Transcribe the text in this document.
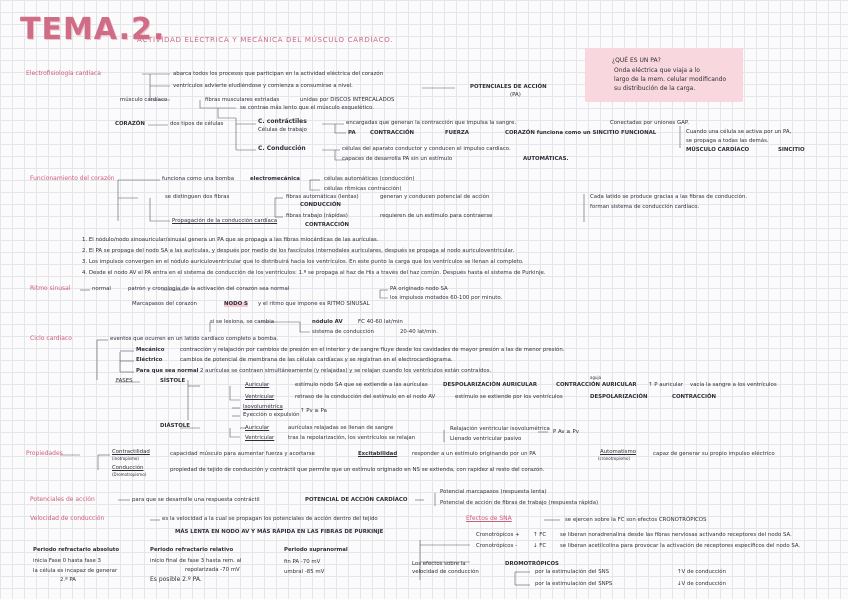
TEMA.2.
ACTIVIDAD ELÉCTRICA Y MECÁNICA DEL MÚSCULO CARDÍACO.
¿QUÉ ES UN PA?
Onda eléctrica que viaja a lo
largo de la mem. celular modificando
su distribución de la carga.
Electrofisiología cardíaca	abarca todos los procesos que participan en la actividad eléctrica del corazón
ventrículos advierte eludiéndose y comienza a consumirse a nivel.	POTENCIALES DE ACCIÓN
(PA)
músculo cardíaco	fibras musculares estriadas	unidas por DISCOS INTERCALADOS
se contrae más lento que el músculo esquelético.
CORAZÓN	dos tipos de células	C. contráctiles
Células de trabajo
encargadas que generan la contracción que impulsa la sangre.	Conectadas por uniones GAP.
PA	CONTRACCIÓN	FUERZA	CORAZÓN funciona como un SINCITIO FUNCIONAL
C. Conducción	células del aparato conductor y conducen el impulso cardíaco.
capaces de desarrolla PA sin un estímulo	AUTOMÁTICAS.
Cuando una célula se activa por un PA,
se propaga a todas las demás.
MÚSCULO CARDÍACO	SINCITIO
Funcionamiento del corazón	funciona como una bomba	electromecánica	células automáticas (conducción)
células rítmicas contracción)
se distinguen dos fibras	fibras automáticas (lentas)
CONDUCCIÓN
generan y conducen potencial de acción
fibras trabajo (rápidas)
CONTRACCIÓN
requieren de un estímulo para contraerse
Cada latido se produce gracias a las fibras de conducción.
forman sistema de conducción cardíaco.
Propagación de la conducción cardíaca
1. El nódulo/nodo sinoauricular/sinusal genera un PA que se propaga a las fibras miocárdicas de las aurículas.
2. El PA se propaga del nodo SA a las aurículas, y después por medio de los fascículos internodales auriculares, después se propaga al nodo auriculoventricular.
3. Los impulsos convergen en el nódulo auriculoventricular que lo distribuirá hacia los ventrículos. En este punto la carga que los ventrículos se llenan al completo.
4. Desde el nodo AV el PA entra en el sistema de conducción de los ventrículos: 1.º se propaga al haz de His a través del haz común. Después hasta el sistema de Purkinje.
Ritmo sinusal	normal	patrón y cronología de la activación del corazón sea normal	PA originado nodo SA
los impulsos motados 60-100 por minuto.
Marcapasos del corazón	NODO S y el ritmo que impone es RITMO SINUSAL
si se lesiona, se cambia	nódulo AV	FC 40-60 lat/min
sistema de conducción	20-40 lat/min.
Ciclo cardíaco	eventos que ocurren en un latido cardíaco completo a bomba.
Mecánico	contracción y relajación por cambios de presión en el interior y de sangre fluye desde los cavidades de mayor presión a las de menor presión.
Eléctrico	cambios de potencial de membrana de las células cardíacas y se registran en el electrocardiograma.
Para que sea normal 2 aurículas se contraen simultáneamente (y relajadas) y se relajan cuando los ventrículos están contraídos.
FASES	SÍSTOLE
Auricular	estímulo nodo SA que se extiende a las aurículas	DESPOLARIZACIÓN AURICULAR	CONTRACCIÓN AURICULAR ↑ P auricular vacía la sangre a los ventrículos
aguja
Ventricular	retraso de la conducción del estímulo en el nodo AV	estímulo se extiende por los ventrículos	DESPOLARIZACIÓN	CONTRACCIÓN
Isovolumétrica
Eyección o expulsión
↑ Pv ≥ Pa
DIÁSTOLE	Auricular	aurículas relajadas se llenan de sangre
Ventricular	tras la repolarización, los ventrículos se relajan
Relajación ventricular isovolumétrica
Llenado ventricular pasivo
P Av ≥ Pv
Propiedades	Contractilidad
(inotropismo)
capacidad músculo para aumentar fuerza y acortarse	Excitabilidad	responder a un estímulo originando por un PA	Automatismo
(cronotropismo)
capaz de generar su propio impulso eléctrico
Conducción
(Dromotropismo)
propiedad de tejido de conducción y contráctil que permite que un estímulo originado en NS se extienda, con rapidez al resto del corazón.
Potenciales de acción	para que se desarrolle una respuesta contráctil	POTENCIAL DE ACCIÓN CARDÍACO
Potencial marcapasos (respuesta lenta)
Potencial de acción de fibras de trabajo (respuesta rápida)
Velocidad de conducción	es la velocidad a la cual se propagan los potenciales de acción dentro del tejido
MÁS LENTA EN NODO AV Y MÁS RÁPIDA EN LAS FIBRAS DE PURKINJE
Periodo refractario absoluto
inicia Fase 0 hasta fase 3
la célula es incapaz de generar
2.º PA
Periodo refractario relativo
inicio final de fase 3 hasta rem. al
repolarizada -70 mV
Es posible 2.º PA.
Periodo supranormal
fin PA -70 mV
umbral -85 mV
Efectos de SNA	se ejercen sobre la FC son efectos CRONOTRÓPICOS
Cronotrópicos + ↑ FC	se liberan noradrenalina desde las fibras nerviosas activando receptores del nodo SA.
Cronotrópicos -	↓ FC	se liberan acetilcolina para provocar la activación de receptores específicos del nodo SA.
Los efectos sobre la velocidad de conducción
DROMOTRÓPICOS
por la estimulación del SNS	↑V de conducción
por la estimulación del SNPS	↓V de conducción
